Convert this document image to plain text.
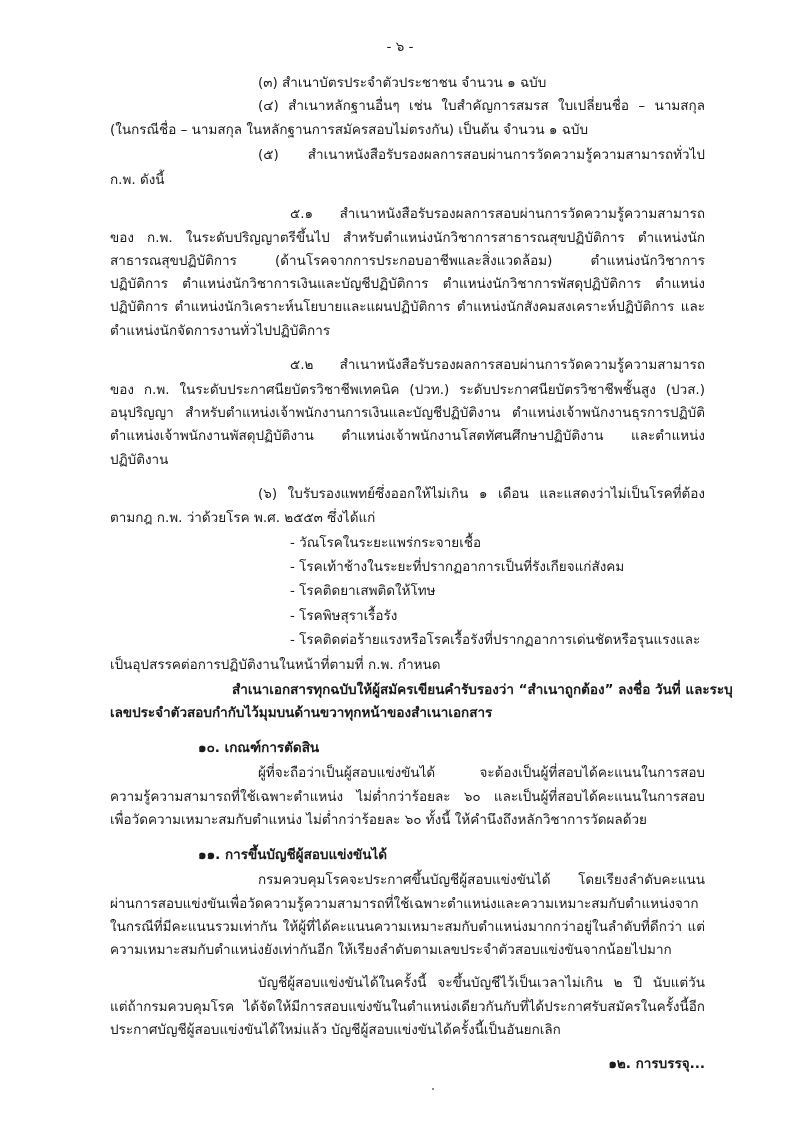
- ๖ -
(๓) สำเนาบัตรประจำตัวประชาชน จำนวน ๑ ฉบับ
(๔) สำเนาหลักฐานอื่นๆ เช่น ใบสำคัญการสมรส ใบเปลี่ยนชื่อ – นามสกุล
(ในกรณีชื่อ – นามสกุล ในหลักฐานการสมัครสอบไม่ตรงกัน) เป็นต้น จำนวน ๑ ฉบับ
(๕) สำเนาหนังสือรับรองผลการสอบผ่านการวัดความรู้ความสามารถทั่วไป
ก.พ. ดังนี้
๕.๑ สำเนาหนังสือรับรองผลการสอบผ่านการวัดความรู้ความสามารถ
ของ ก.พ. ในระดับปริญญาตรีขึ้นไป สำหรับตำแหน่งนักวิชาการสาธารณสุขปฏิบัติการ ตำแหน่งนัก
สาธารณสุขปฏิบัติการ (ด้านโรคจากการประกอบอาชีพและสิ่งแวดล้อม) ตำแหน่งนักวิชาการ
ปฏิบัติการ ตำแหน่งนักวิชาการเงินและบัญชีปฏิบัติการ ตำแหน่งนักวิชาการพัสดุปฏิบัติการ ตำแหน่ง
ปฏิบัติการ ตำแหน่งนักวิเคราะห์นโยบายและแผนปฏิบัติการ ตำแหน่งนักสังคมสงเคราะห์ปฏิบัติการ และ
ตำแหน่งนักจัดการงานทั่วไปปฏิบัติการ
๕.๒ สำเนาหนังสือรับรองผลการสอบผ่านการวัดความรู้ความสามารถ
ของ ก.พ. ในระดับประกาศนียบัตรวิชาชีพเทคนิค (ปวท.) ระดับประกาศนียบัตรวิชาชีพชั้นสูง (ปวส.)
อนุปริญญา สำหรับตำแหน่งเจ้าพนักงานการเงินและบัญชีปฏิบัติงาน ตำแหน่งเจ้าพนักงานธุรการปฏิบัติ
ตำแหน่งเจ้าพนักงานพัสดุปฏิบัติงาน ตำแหน่งเจ้าพนักงานโสตทัศนศึกษาปฏิบัติงาน และตำแหน่ง
ปฏิบัติงาน
(๖) ใบรับรองแพทย์ซึ่งออกให้ไม่เกิน ๑ เดือน และแสดงว่าไม่เป็นโรคที่ต้อง
ตามกฎ ก.พ. ว่าด้วยโรค พ.ศ. ๒๕๕๓ ซึ่งได้แก่
- วัณโรคในระยะแพร่กระจายเชื้อ
- โรคเท้าช้างในระยะที่ปรากฏอาการเป็นที่รังเกียจแก่สังคม
- โรคติดยาเสพติดให้โทษ
- โรคพิษสุราเรื้อรัง
- โรคติดต่อร้ายแรงหรือโรคเรื้อรังที่ปรากฏอาการเด่นชัดหรือรุนแรงและ
เป็นอุปสรรคต่อการปฏิบัติงานในหน้าที่ตามที่ ก.พ. กำหนด
สำเนาเอกสารทุกฉบับให้ผู้สมัครเขียนคำรับรองว่า “สำเนาถูกต้อง” ลงชื่อ วันที่ และระบุ
เลขประจำตัวสอบกำกับไว้มุมบนด้านขวาทุกหน้าของสำเนาเอกสาร
๑๐. เกณฑ์การตัดสิน
ผู้ที่จะถือว่าเป็นผู้สอบแข่งขันได้ จะต้องเป็นผู้ที่สอบได้คะแนนในการสอบ
ความรู้ความสามารถที่ใช้เฉพาะตำแหน่ง ไม่ต่ำกว่าร้อยละ ๖๐ และเป็นผู้ที่สอบได้คะแนนในการสอบ
เพื่อวัดความเหมาะสมกับตำแหน่ง ไม่ต่ำกว่าร้อยละ ๖๐ ทั้งนี้ ให้คำนึงถึงหลักวิชาการวัดผลด้วย
๑๑. การขึ้นบัญชีผู้สอบแข่งขันได้
กรมควบคุมโรคจะประกาศขึ้นบัญชีผู้สอบแข่งขันได้ โดยเรียงลำดับคะแนน
ผ่านการสอบแข่งขันเพื่อวัดความรู้ความสามารถที่ใช้เฉพาะตำแหน่งและความเหมาะสมกับตำแหน่งจาก
ในกรณีที่มีคะแนนรวมเท่ากัน ให้ผู้ที่ได้คะแนนความเหมาะสมกับตำแหน่งมากกว่าอยู่ในลำดับที่ดีกว่า แต่
ความเหมาะสมกับตำแหน่งยังเท่ากันอีก ให้เรียงลำดับตามเลขประจำตัวสอบแข่งขันจากน้อยไปมาก
บัญชีผู้สอบแข่งขันได้ในครั้งนี้ จะขึ้นบัญชีไว้เป็นเวลาไม่เกิน ๒ ปี นับแต่วัน
แต่ถ้ากรมควบคุมโรค ได้จัดให้มีการสอบแข่งขันในตำแหน่งเดียวกันกับที่ได้ประกาศรับสมัครในครั้งนี้อีก
ประกาศบัญชีผู้สอบแข่งขันได้ใหม่แล้ว บัญชีผู้สอบแข่งขันได้ครั้งนี้เป็นอันยกเลิก
๑๒. การบรรจุ...
